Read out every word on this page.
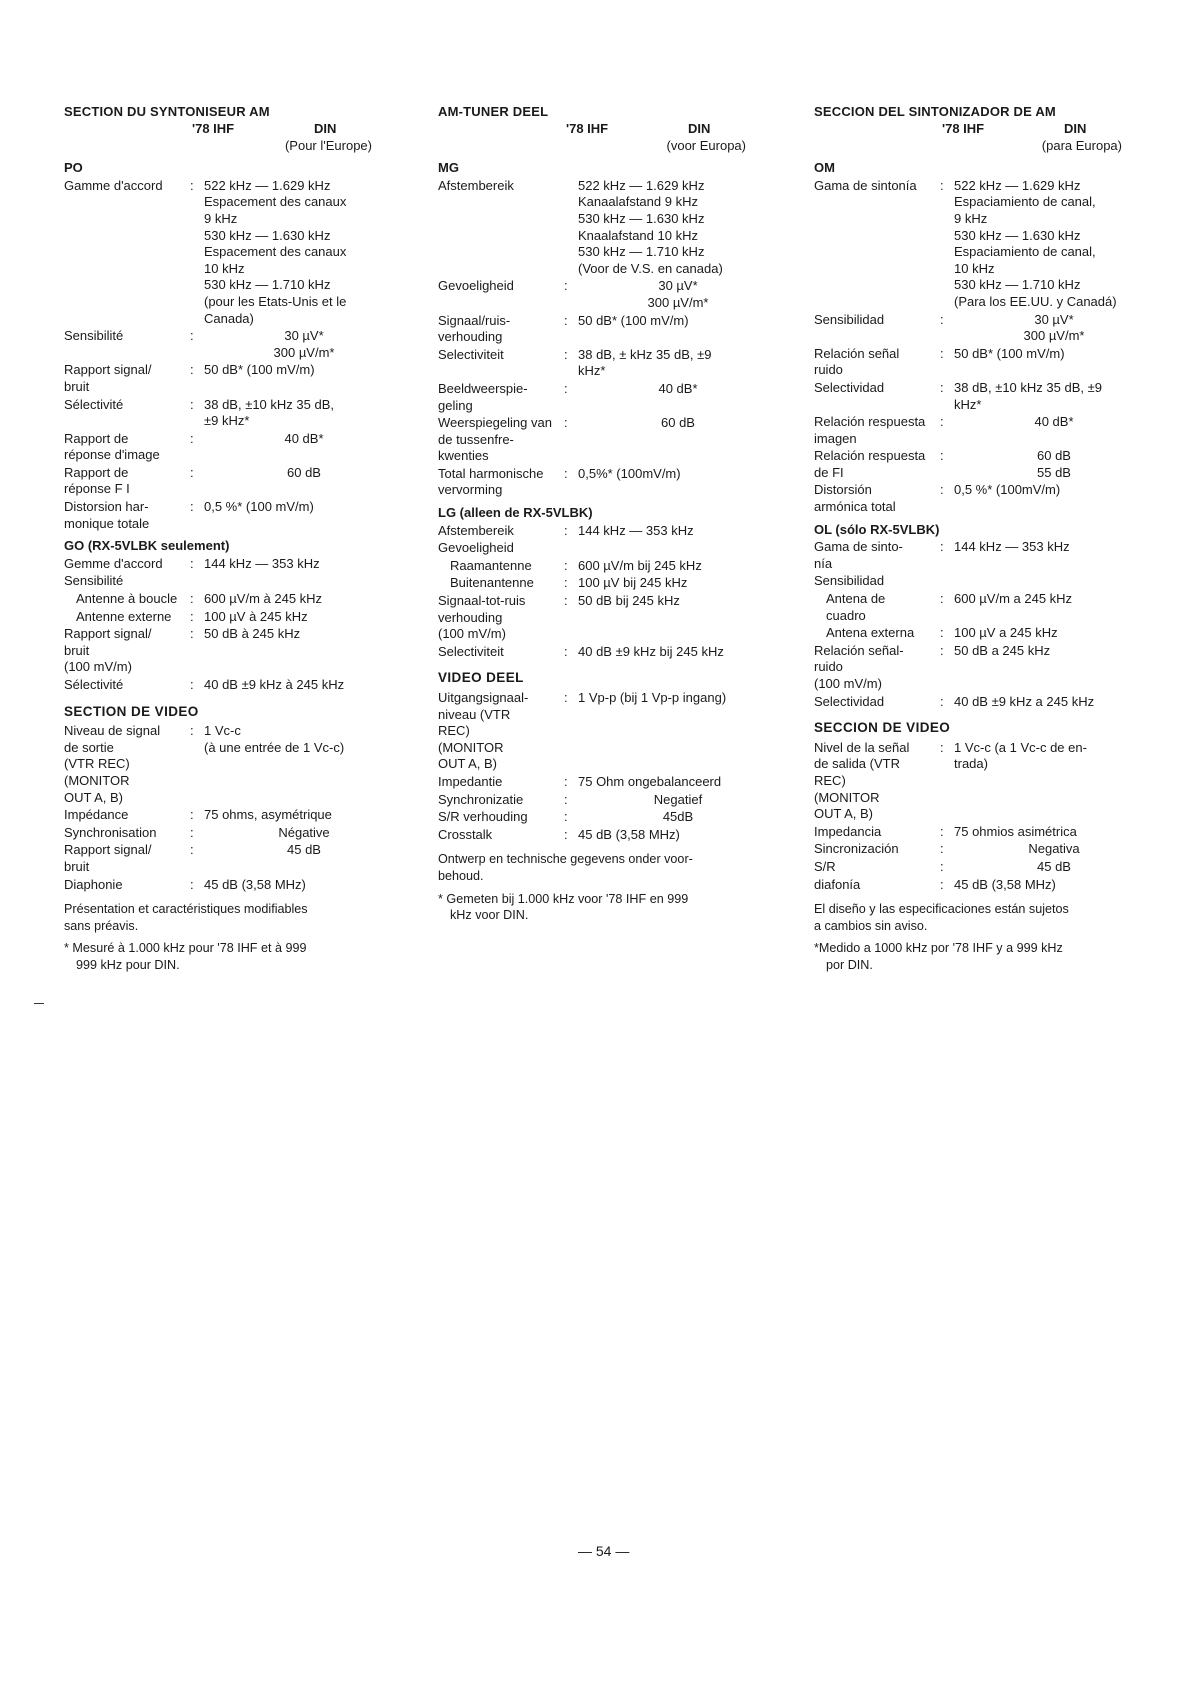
SECTION DU SYNTONISEUR AM
'78 IHF	DIN
(Pour l'Europe)
PO
Gamme d'accord	: 522 kHz — 1.629 kHz
Espacement des canaux
9 kHz
530 kHz — 1.630 kHz
Espacement des canaux
10 kHz
530 kHz — 1.710 kHz
(pour les Etats-Unis et le
Canada)
Sensibilité	:	30 µV*
300 µV/m*
Rapport signal/
bruit
: 50 dB* (100 mV/m)
Sélectivité	: 38 dB, ±10 kHz 35 dB,
±9 kHz*
Rapport de
réponse d'image
:	40 dB*
Rapport de
réponse F I
:	60 dB
Distorsion har-
monique totale
: 0,5 %* (100 mV/m)
GO (RX-5VLBK seulement)
Gemme d'accord	: 144 kHz — 353 kHz
Sensibilité
Antenne à boucle : 600 µV/m à 245 kHz
Antenne externe	: 100 µV à 245 kHz
Rapport signal/
bruit
(100 mV/m)
: 50 dB à 245 kHz
Sélectivité	: 40 dB ±9 kHz à 245 kHz
SECTION DE VIDEO
Niveau de signal
de sortie
(VTR REC)
(MONITOR
OUT A, B)
: 1 Vc-c
(à une entrée de 1 Vc-c)
Impédance	: 75 ohms, asymétrique
Synchronisation	:	Négative
Rapport signal/
bruit
:	45 dB
Diaphonie	: 45 dB (3,58 MHz)
Présentation et caractéristiques modifiables
sans préavis.
* Mesuré à 1.000 kHz pour '78 IHF et à 999
999 kHz pour DIN.
AM-TUNER DEEL
'78 IHF	DIN
(voor Europa)
MG
Afstembereik	522 kHz — 1.629 kHz
Kanaalafstand 9 kHz
530 kHz — 1.630 kHz
Knaalafstand 10 kHz
530 kHz — 1.710 kHz
(Voor de V.S. en canada)
Gevoeligheid	:	30 µV*
300 µV/m*
Signaal/ruis-
verhouding
: 50 dB* (100 mV/m)
Selectiviteit	: 38 dB, ± kHz 35 dB, ±9
kHz*
Beeldweerspie-
geling
:	40 dB*
Weerspiegeling van
de tussenfre-
kwenties
:	60 dB
Total harmonische
vervorming
: 0,5%* (100mV/m)
LG (alleen de RX-5VLBK)
Afstembereik	: 144 kHz — 353 kHz
Gevoeligheid
Raamantenne	: 600 µV/m bij 245 kHz
Buitenantenne	: 100 µV bij 245 kHz
Signaal-tot-ruis
verhouding
(100 mV/m)
: 50 dB bij 245 kHz
Selectiviteit	: 40 dB ±9 kHz bij 245 kHz
VIDEO DEEL
Uitgangsignaal-
niveau (VTR
REC)
(MONITOR
OUT A, B)
: 1 Vp-p (bij 1 Vp-p ingang)
Impedantie	: 75 Ohm ongebalanceerd
Synchronizatie	:	Negatief
S/R verhouding	:	45dB
Crosstalk	: 45 dB (3,58 MHz)
Ontwerp en technische gegevens onder voor-
behoud.
* Gemeten bij 1.000 kHz voor '78 IHF en 999
kHz voor DIN.
SECCION DEL SINTONIZADOR DE AM
'78 IHF	DIN
(para Europa)
OM
Gama de sintonía	: 522 kHz — 1.629 kHz
Espaciamiento de canal,
9 kHz
530 kHz — 1.630 kHz
Espaciamiento de canal,
10 kHz
530 kHz — 1.710 kHz
(Para los EE.UU. y Canadá)
Sensibilidad	:	30 µV*
300 µV/m*
Relación señal
ruido
: 50 dB* (100 mV/m)
Selectividad	: 38 dB, ±10 kHz 35 dB, ±9
kHz*
Relación respuesta
imagen
:	40 dB*
Relación respuesta
de FI
:	60 dB
55 dB
Distorsión
armónica total
: 0,5 %* (100mV/m)
OL (sólo RX-5VLBK)
Gama de sinto-
nía
: 144 kHz — 353 kHz
Sensibilidad
Antena de
cuadro
: 600 µV/m a 245 kHz
Antena externa	: 100 µV a 245 kHz
Relación señal-
ruido
(100 mV/m)
: 50 dB a 245 kHz
Selectividad	: 40 dB ±9 kHz a 245 kHz
SECCION DE VIDEO
Nivel de la señal
de salida (VTR
REC)
(MONITOR
OUT A, B)
: 1 Vc-c (a 1 Vc-c de en-
trada)
Impedancia	: 75 ohmios asimétrica
Sincronización	:	Negativa
S/R	:	45 dB
diafonía	: 45 dB (3,58 MHz)
El diseño y las especificaciones están sujetos
a cambios sin aviso.
*Medido a 1000 kHz por '78 IHF y a 999 kHz
por DIN.
— 54 —
